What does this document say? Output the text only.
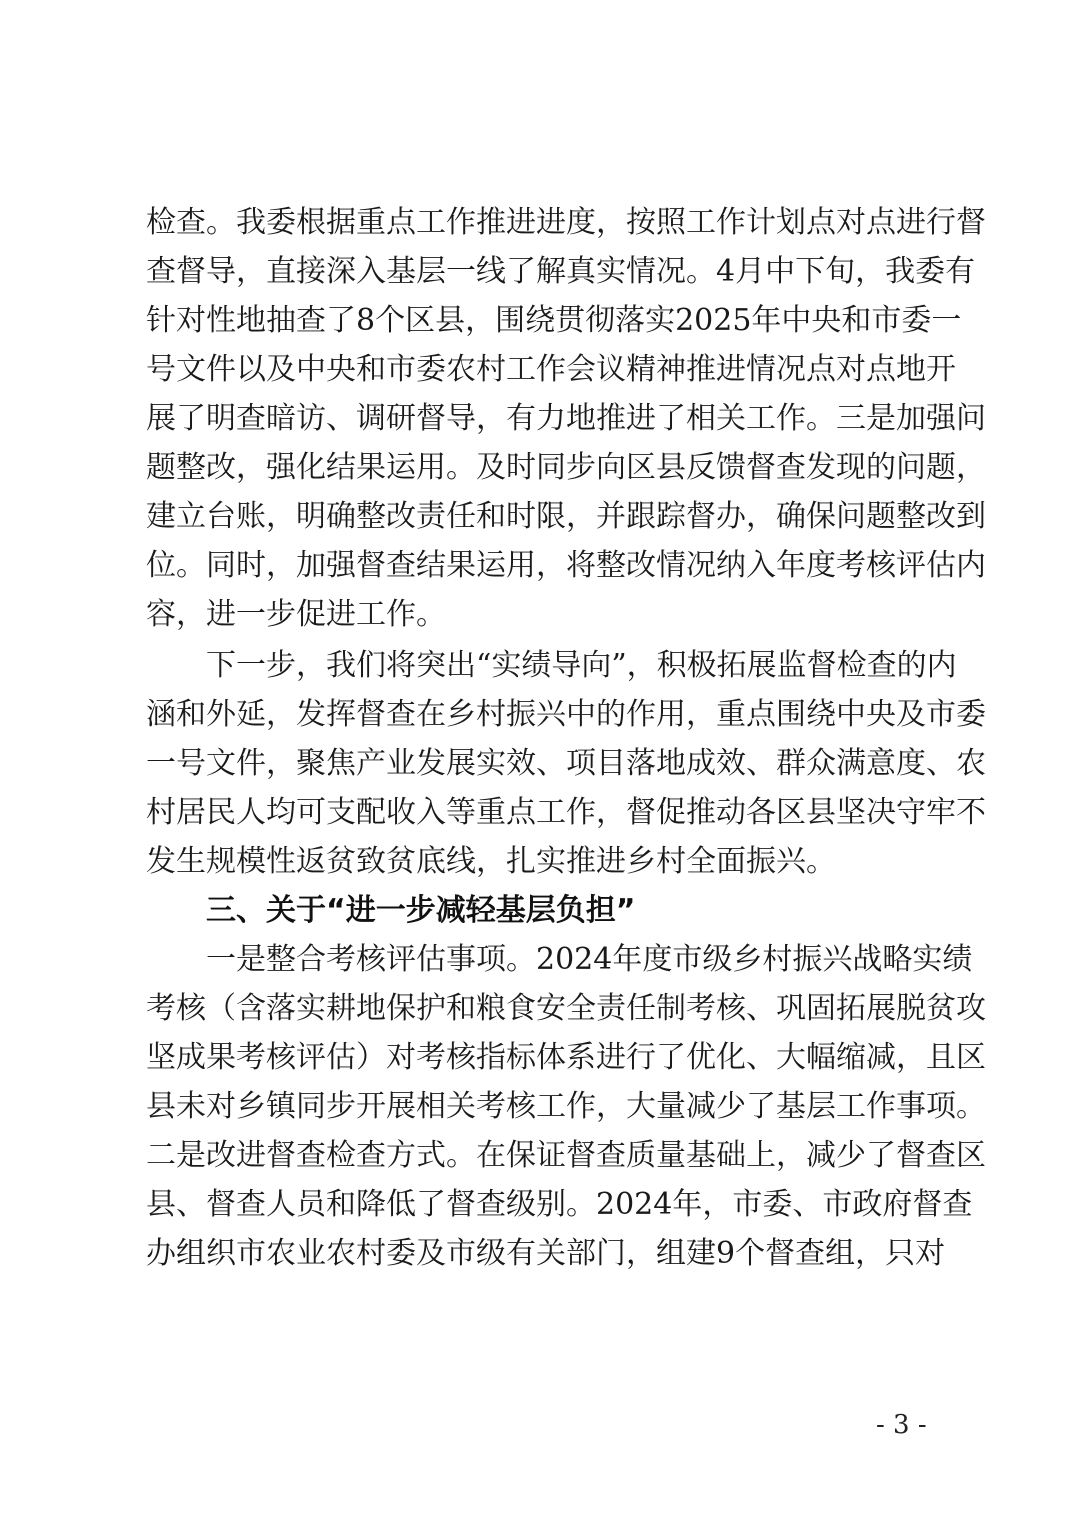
检查。我委根据重点工作推进进度，按照工作计划点对点进行督
查督导，直接深入基层一线了解真实情况。4月中下旬，我委有
针对性地抽查了8个区县，围绕贯彻落实2025年中央和市委一
号文件以及中央和市委农村工作会议精神推进情况点对点地开
展了明查暗访、调研督导，有力地推进了相关工作。三是加强问
题整改，强化结果运用。及时同步向区县反馈督查发现的问题，
建立台账，明确整改责任和时限，并跟踪督办，确保问题整改到
位。同时，加强督查结果运用，将整改情况纳入年度考核评估内
容，进一步促进工作。
下一步，我们将突出“实绩导向”，积极拓展监督检查的内
涵和外延，发挥督查在乡村振兴中的作用，重点围绕中央及市委
一号文件，聚焦产业发展实效、项目落地成效、群众满意度、农
村居民人均可支配收入等重点工作，督促推动各区县坚决守牢不
发生规模性返贫致贫底线，扎实推进乡村全面振兴。
三、关于“进一步减轻基层负担”
一是整合考核评估事项。2024年度市级乡村振兴战略实绩
考核（含落实耕地保护和粮食安全责任制考核、巩固拓展脱贫攻
坚成果考核评估）对考核指标体系进行了优化、大幅缩减，且区
县未对乡镇同步开展相关考核工作，大量减少了基层工作事项。
二是改进督查检查方式。在保证督查质量基础上，减少了督查区
县、督查人员和降低了督查级别。2024年，市委、市政府督查
办组织市农业农村委及市级有关部门，组建9个督查组，只对
- 3 -
